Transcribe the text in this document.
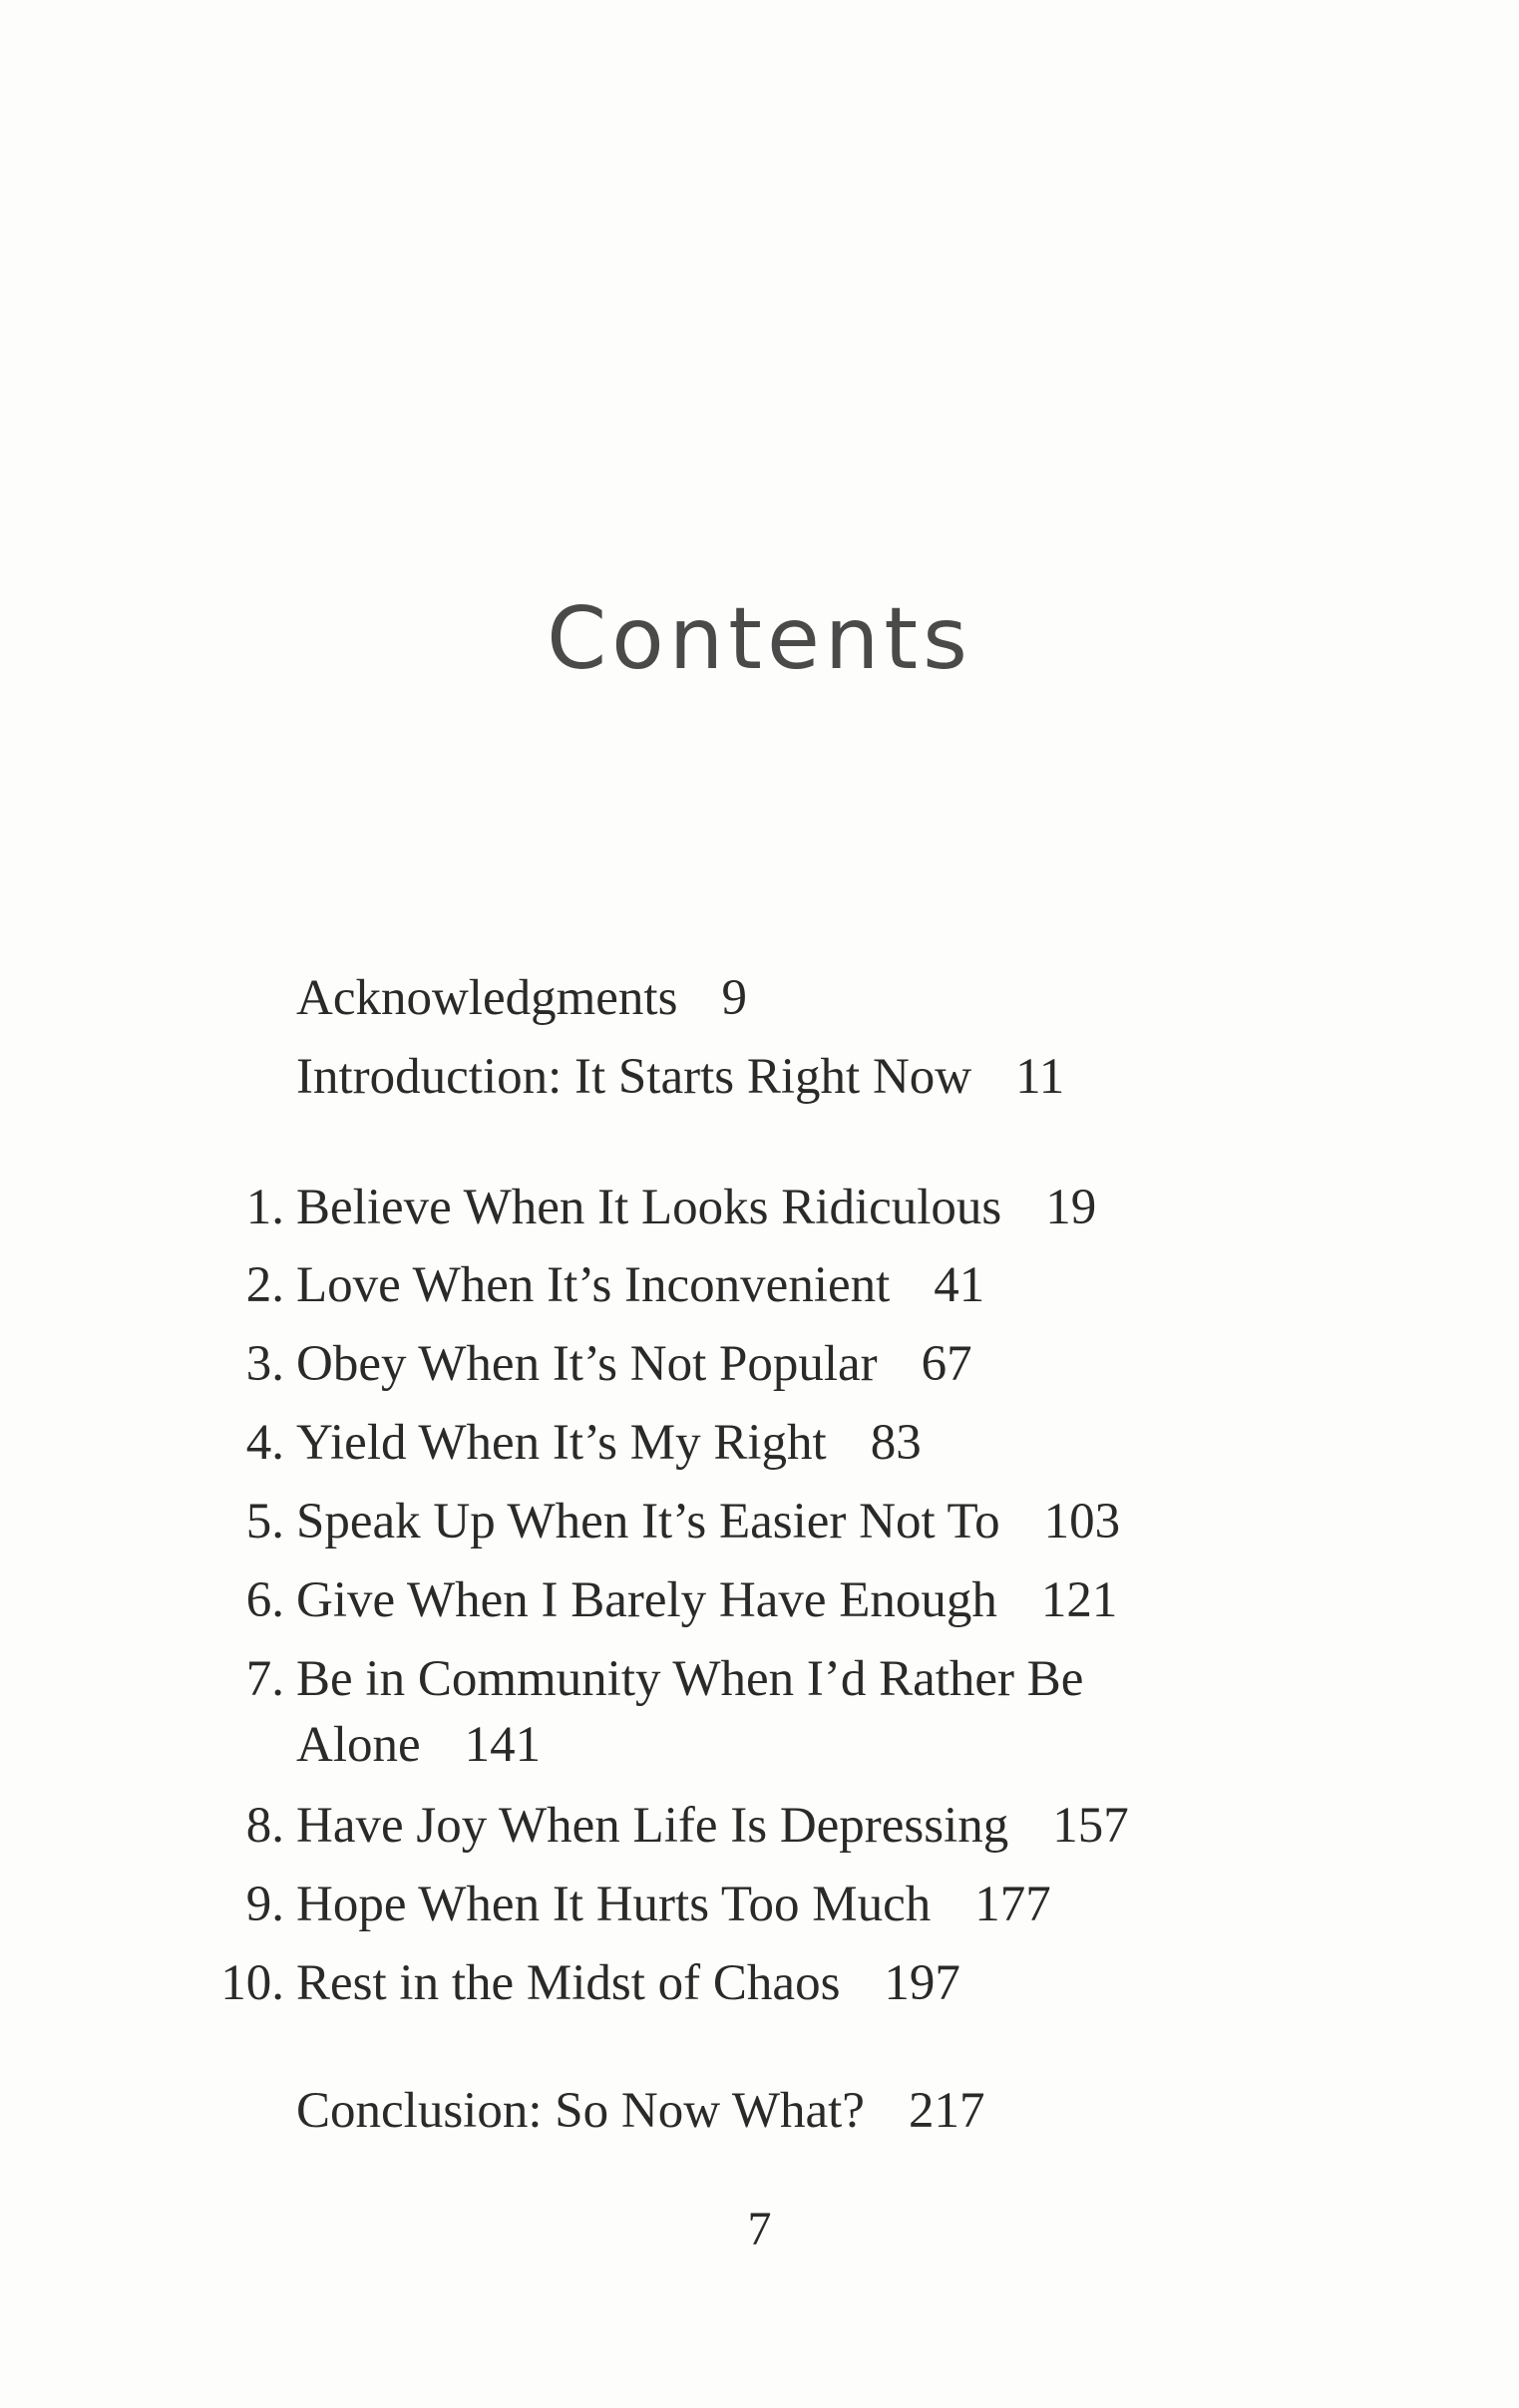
Contents
Acknowledgments 9
Introduction: It Starts Right Now 11
1. Believe When It Looks Ridiculous 19
2. Love When It’s Inconvenient 41
3. Obey When It’s Not Popular 67
4. Yield When It’s My Right 83
5. Speak Up When It’s Easier Not To 103
6. Give When I Barely Have Enough 121
7. Be in Community When I’d Rather Be
Alone 141
8. Have Joy When Life Is Depressing 157
9. Hope When It Hurts Too Much 177
10. Rest in the Midst of Chaos 197
Conclusion: So Now What? 217
7
